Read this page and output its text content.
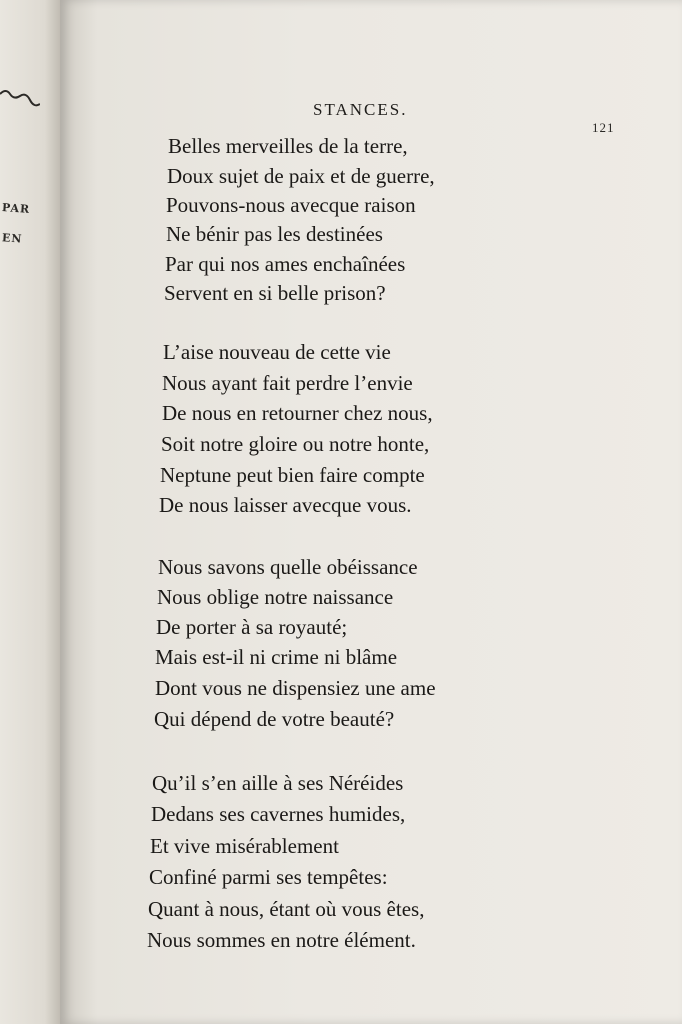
PAR
EN
STANCES.
121
Belles merveilles de la terre,
Doux sujet de paix et de guerre,
Pouvons-nous avecque raison
Ne bénir pas les destinées
Par qui nos ames enchaînées
Servent en si belle prison?
L’aise nouveau de cette vie
Nous ayant fait perdre l’envie
De nous en retourner chez nous,
Soit notre gloire ou notre honte,
Neptune peut bien faire compte
De nous laisser avecque vous.
Nous savons quelle obéissance
Nous oblige notre naissance
De porter à sa royauté;
Mais est-il ni crime ni blâme
Dont vous ne dispensiez une ame
Qui dépend de votre beauté?
Qu’il s’en aille à ses Néréides
Dedans ses cavernes humides,
Et vive misérablement
Confiné parmi ses tempêtes:
Quant à nous, étant où vous êtes,
Nous sommes en notre élément.
